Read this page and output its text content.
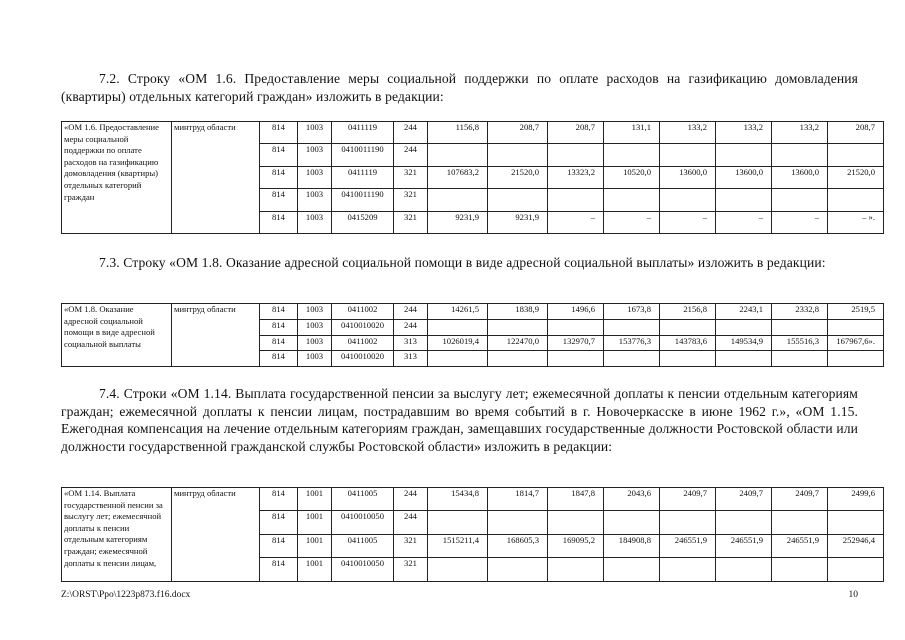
7.2. Строку «ОМ 1.6. Предоставление меры социальной поддержки по оплате расходов на газификацию домовладения (квартиры) отдельных категорий граждан» изложить в редакции:
«ОМ 1.6. Предоставление меры социальной поддержки по оплате расходов на газификацию домовладения (квартиры) отдельных категорий граждан	минтруд области	814	1003	0411119	244	1156,8	208,7	208,7	131,1	133,2	133,2	133,2	208,7
		814	1003	0410011190	244								
		814	1003	0411119	321	107683,2	21520,0	13323,2	10520,0	13600,0	13600,0	13600,0	21520,0
		814	1003	0410011190	321								
		814	1003	0415209	321	9231,9	9231,9	–	–	–	–	–	– ».
7.3. Строку «ОМ 1.8. Оказание адресной социальной помощи в виде адресной социальной выплаты» изложить в редакции:
«ОМ 1.8. Оказание адресной социальной помощи в виде адресной социальной выплаты	минтруд области	814	1003	0411002	244	14261,5	1838,9	1496,6	1673,8	2156,8	2243,1	2332,8	2519,5
		814	1003	0410010020	244								
		814	1003	0411002	313	1026019,4	122470,0	132970,7	153776,3	143783,6	149534,9	155516,3	167967,6».
		814	1003	0410010020	313								
7.4. Строки «ОМ 1.14. Выплата государственной пенсии за выслугу лет; ежемесячной доплаты к пенсии отдельным категориям граждан; ежемесячной доплаты к пенсии лицам, пострадавшим во время событий в г. Новочеркасске в июне 1962 г.», «ОМ 1.15. Ежегодная компенсация на лечение отдельным категориям граждан, замещавших государственные должности Ростовской области или должности государственной гражданской службы Ростовской области» изложить в редакции:
«ОМ 1.14. Выплата государственной пенсии за выслугу лет; ежемесячной доплаты к пенсии отдельным категориям граждан; ежемесячной доплаты к пенсии лицам,	минтруд области	814	1001	0411005	244	15434,8	1814,7	1847,8	2043,6	2409,7	2409,7	2409,7	2499,6
		814	1001	0410010050	244								
		814	1001	0411005	321	1515211,4	168605,3	169095,2	184908,8	246551,9	246551,9	246551,9	252946,4
		814	1001	0410010050	321								
Z:\ORST\Ppo\1223p873.f16.docx	10
